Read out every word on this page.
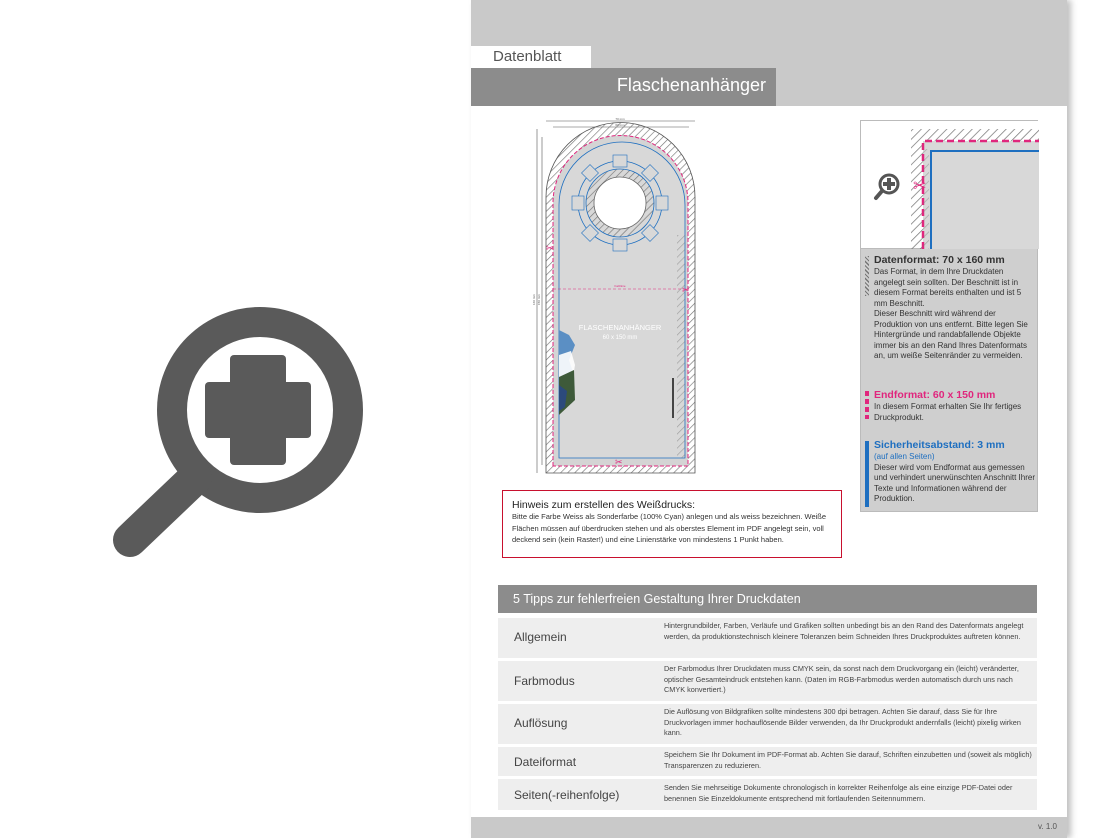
Datenblatt
Flaschenanhänger
70 mm
160 mm 150 mm
Falzlinie
✂
✂
✂
FLASCHENANHÄNGER
60 x 150 mm
✂
Datenformat: 70 x 160 mm
Das Format, in dem Ihre Druckdaten angelegt sein sollten. Der Beschnitt ist in diesem Format bereits enthalten und ist 5 mm Beschnitt.
Dieser Beschnitt wird während der Produktion von uns entfernt. Bitte legen Sie Hintergründe und randabfallende Objekte immer bis an den Rand Ihres Datenformats an, um weiße Seitenränder zu vermeiden.
Endformat: 60 x 150 mm
In diesem Format erhalten Sie Ihr fertiges Druckprodukt.
Sicherheitsabstand: 3 mm
(auf allen Seiten)
Dieser wird vom Endformat aus gemessen und verhindert unerwünschten Anschnitt Ihrer Texte und Informationen während der Produktion.
Hinweis zum erstellen des Weißdrucks:
Bitte die Farbe Weiss als Sonderfarbe (100% Cyan) anlegen und als weiss bezeichnen. Weiße Flächen müssen auf überdrucken stehen und als oberstes Element im PDF angelegt sein, voll deckend sein (kein Raster!) und eine Linienstärke von mindestens 1 Punkt haben.
5 Tipps zur fehlerfreien Gestaltung Ihrer Druckdaten
Allgemein
Hintergrundbilder, Farben, Verläufe und Grafiken sollten unbedingt bis an den Rand des Datenformats angelegt werden, da produktionstechnisch kleinere Toleranzen beim Schneiden Ihres Druckproduktes auftreten können.
Farbmodus
Der Farbmodus Ihrer Druckdaten muss CMYK sein, da sonst nach dem Druckvorgang ein (leicht) veränderter, optischer Gesamteindruck entstehen kann. (Daten im RGB-Farbmodus werden automatisch durch uns nach CMYK konvertiert.)
Auflösung
Die Auflösung von Bildgrafiken sollte mindestens 300 dpi betragen. Achten Sie darauf, dass Sie für Ihre Druckvorlagen immer hochauflösende Bilder verwenden, da Ihr Druckprodukt andernfalls (leicht) pixelig wirken kann.
Dateiformat
Speichern Sie Ihr Dokument im PDF-Format ab. Achten Sie darauf, Schriften einzubetten und (soweit als möglich) Transparenzen zu reduzieren.
Seiten(-reihenfolge)
Senden Sie mehrseitige Dokumente chronologisch in korrekter Reihenfolge als eine einzige PDF-Datei oder benennen Sie Einzeldokumente entsprechend mit fortlaufenden Seitennummern.
v. 1.0
